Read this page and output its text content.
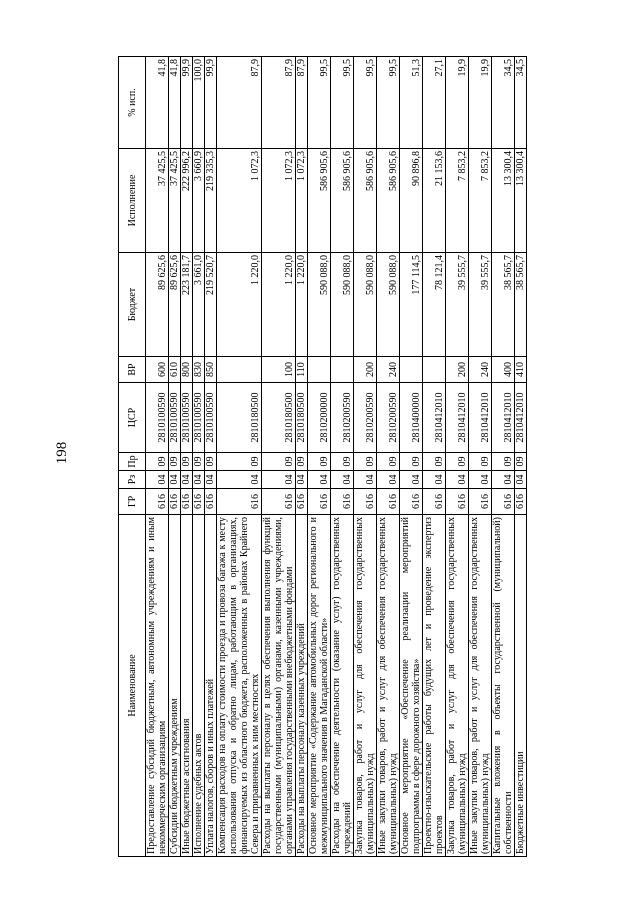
198
Наименование	ГР	Рз	Пр	ЦСР	ВР	Бюджет	Исполнение	% исп.
Предоставление субсидий бюджетным, автономным учреждениям и иным некоммерческим организациям	616	04	09	2810100590	600	89 625,6	37 425,5	41,8
Субсидии бюджетным учреждениям	616	04	09	2810100590	610	89 625,6	37 425,5	41,8
Иные бюджетные ассигнования	616	04	09	2810100590	800	223 181,7	222 996,2	99,9
Исполнение судебных актов	616	04	09	2810100590	830	3 661,0	3 660,9	100,0
Уплата налогов, сборов и иных платежей	616	04	09	2810100590	850	219 520,7	219 335,3	99,9
Компенсация расходов на оплату стоимости проезда и провоза багажа к месту использования отпуска и обратно лицам, работающим в организациях, финансируемых из областного бюджета, расположенных в районах Крайнего Севера и приравненных к ним местностях	616	04	09	2810180500		1 220,0	1 072,3	87,9
Расходы на выплаты персоналу в целях обеспечения выполнения функций государственными (муниципальными) органами, казенными учреждениями, органами управления государственными внебюджетными фондами	616	04	09	2810180500	100	1 220,0	1 072,3	87,9
Расходы на выплаты персоналу казенных учреждений	616	04	09	2810180500	110	1 220,0	1 072,3	87,9
Основное мероприятие «Содержание автомобильных дорог регионального и межмуниципального значения в Магаданской области»	616	04	09	2810200000		590 088,0	586 905,6	99,5
Расходы на обеспечение деятельности (оказание услуг) государственных учреждений	616	04	09	2810200590		590 088,0	586 905,6	99,5
Закупка товаров, работ и услуг для обеспечения государственных (муниципальных) нужд	616	04	09	2810200590	200	590 088,0	586 905,6	99,5
Иные закупки товаров, работ и услуг для обеспечения государственных (муниципальных) нужд	616	04	09	2810200590	240	590 088,0	586 905,6	99,5
Основное мероприятие «Обеспечение реализации мероприятий подпрограммы в сфере дорожного хозяйства»	616	04	09	2810400000		177 114,5	90 896,8	51,3
Проектно-изыскательские работы будущих лет и проведение экспертиз проектов	616	04	09	2810412010		78 121,4	21 153,6	27,1
Закупка товаров, работ и услуг для обеспечения государственных (муниципальных) нужд	616	04	09	2810412010	200	39 555,7	7 853,2	19,9
Иные закупки товаров, работ и услуг для обеспечения государственных (муниципальных) нужд	616	04	09	2810412010	240	39 555,7	7 853,2	19,9
Капитальные вложения в объекты государственной (муниципальной) собственности	616	04	09	2810412010	400	38 565,7	13 300,4	34,5
Бюджетные инвестиции	616	04	09	2810412010	410	38 565,7	13 300,4	34,5
